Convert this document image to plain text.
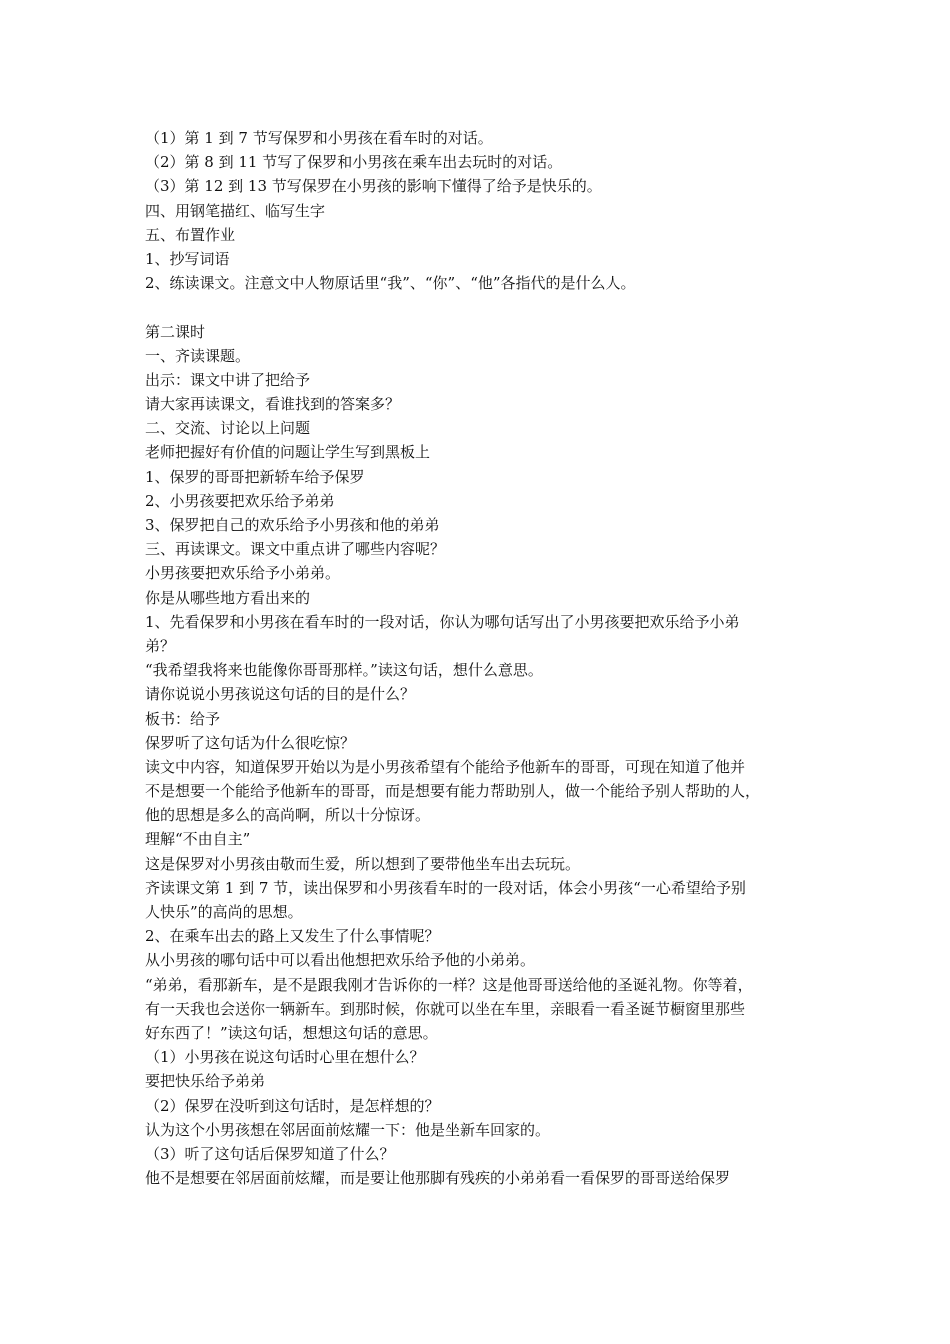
（1）第 1 到 7 节写保罗和小男孩在看车时的对话。
（2）第 8 到 11 节写了保罗和小男孩在乘车出去玩时的对话。
（3）第 12 到 13 节写保罗在小男孩的影响下懂得了给予是快乐的。
四、用钢笔描红、临写生字
五、布置作业
1、抄写词语
2、练读课文。注意文中人物原话里“我”、“你”、“他”各指代的是什么人。
第二课时
一、齐读课题。
出示：课文中讲了把给予
请大家再读课文，看谁找到的答案多？
二、交流、讨论以上问题
老师把握好有价值的问题让学生写到黑板上
1、保罗的哥哥把新轿车给予保罗
2、小男孩要把欢乐给予弟弟
3、保罗把自己的欢乐给予小男孩和他的弟弟
三、再读课文。课文中重点讲了哪些内容呢？
小男孩要把欢乐给予小弟弟。
你是从哪些地方看出来的
1、先看保罗和小男孩在看车时的一段对话，你认为哪句话写出了小男孩要把欢乐给予小弟
弟？
“我希望我将来也能像你哥哥那样。”读这句话，想什么意思。
请你说说小男孩说这句话的目的是什么？
板书：给予
保罗听了这句话为什么很吃惊？
读文中内容，知道保罗开始以为是小男孩希望有个能给予他新车的哥哥，可现在知道了他并
不是想要一个能给予他新车的哥哥，而是想要有能力帮助别人，做一个能给予别人帮助的人，
他的思想是多么的高尚啊，所以十分惊讶。
理解“不由自主”
这是保罗对小男孩由敬而生爱，所以想到了要带他坐车出去玩玩。
齐读课文第 1 到 7 节，读出保罗和小男孩看车时的一段对话，体会小男孩“一心希望给予别
人快乐”的高尚的思想。
2、在乘车出去的路上又发生了什么事情呢？
从小男孩的哪句话中可以看出他想把欢乐给予他的小弟弟。
“弟弟，看那新车，是不是跟我刚才告诉你的一样？这是他哥哥送给他的圣诞礼物。你等着，
有一天我也会送你一辆新车。到那时候，你就可以坐在车里，亲眼看一看圣诞节橱窗里那些
好东西了！”读这句话，想想这句话的意思。
（1）小男孩在说这句话时心里在想什么？
要把快乐给予弟弟
（2）保罗在没听到这句话时，是怎样想的？
认为这个小男孩想在邻居面前炫耀一下：他是坐新车回家的。
（3）听了这句话后保罗知道了什么？
他不是想要在邻居面前炫耀，而是要让他那脚有残疾的小弟弟看一看保罗的哥哥送给保罗
